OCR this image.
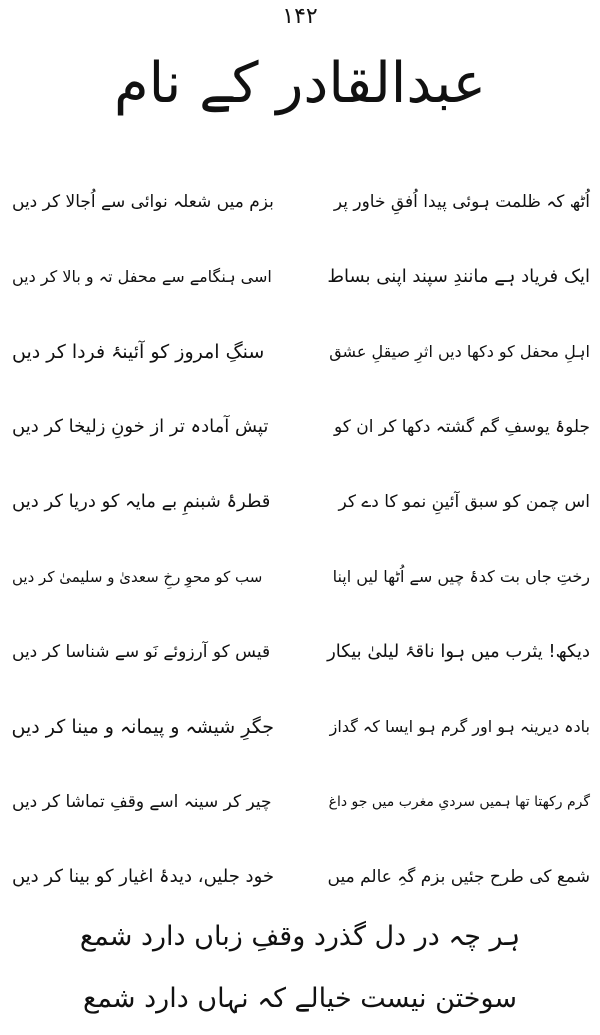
۱۴۲
عبدالقادر کے نام
اُٹھ کہ ظلمت ہوئی پیدا اُفقِ خاور پر
بزم میں شعلہ نوائی سے اُجالا کر دیں
ایک فریاد ہے مانندِ سپند اپنی بساط
اسی ہنگامے سے محفل تہ و بالا کر دیں
اہلِ محفل کو دکھا دیں اثرِ صیقلِ عشق
سنگِ امروز کو آئینۂ فردا کر دیں
جلوۂ یوسفِ گم گشتہ دکھا کر ان کو
تپش آمادہ تر از خونِ زلیخا کر دیں
اس چمن کو سبق آئینِ نمو کا دے کر
قطرۂ شبنمِ بے مایہ کو دریا کر دیں
رختِ جاں بت کدۂ چیں سے اُٹھا لیں اپنا
سب کو محوِ رخِ سعدیٰ و سلیمیٰ کر دیں
دیکھ! یثرب میں ہوا ناقۂ لیلیٰ بیکار
قیس کو آرزوئے نَو سے شناسا کر دیں
بادہ دیرینہ ہو اور گرم ہو ایسا کہ گداز
جگرِ شیشہ و پیمانہ و مینا کر دیں
گرم رکھتا تھا ہمیں سردیِ مغرب میں جو داغ
چیر کر سینہ اسے وقفِ تماشا کر دیں
شمع کی طرح جئیں بزم گہِ عالم میں
خود جلیں، دیدۂ اغیار کو بینا کر دیں
ہر چہ در دل گذرد وقفِ زباں دارد شمع
سوختن نیست خیالے کہ نہاں دارد شمع
